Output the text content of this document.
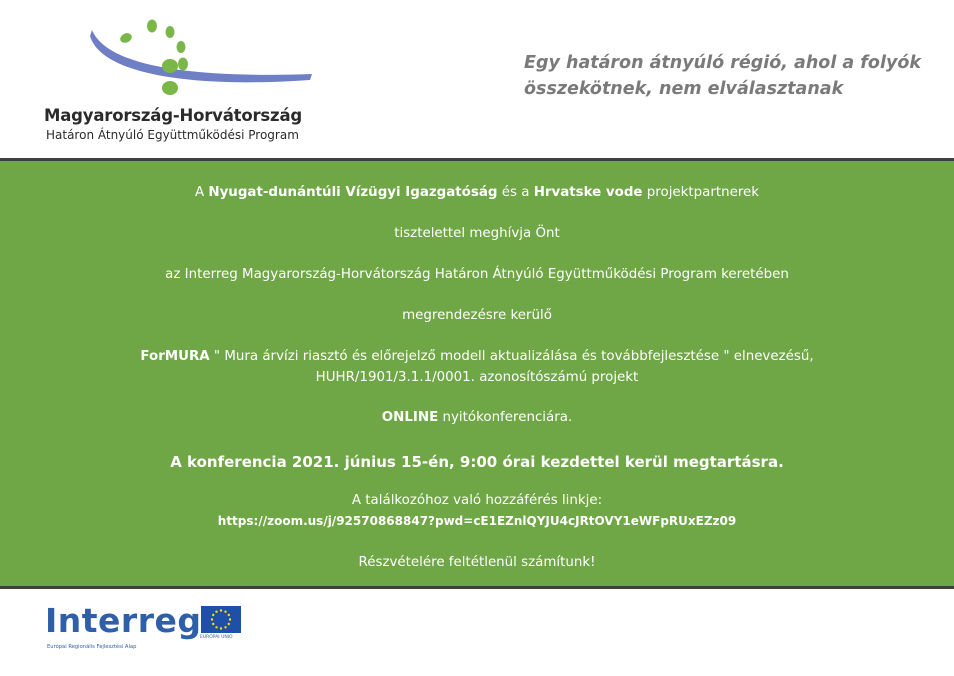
Magyarország-Horvátország
Határon Átnyúló Együttműködési Program
Egy határon átnyúló régió, ahol a folyók
összekötnek, nem elválasztanak
A Nyugat-dunántúli Vízügyi Igazgatóság és a Hrvatske vode projektpartnerek
tisztelettel meghívja Önt
az Interreg Magyarország-Horvátország Határon Átnyúló Együttműködési Program keretében
megrendezésre kerülő
ForMURA " Mura árvízi riasztó és előrejelző modell aktualizálása és továbbfejlesztése " elnevezésű,
HUHR/1901/3.1.1/0001. azonosítószámú projekt
ONLINE nyitókonferenciára.
A konferencia 2021. június 15-én, 9:00 órai kezdettel kerül megtartásra.
A találkozóhoz való hozzáférés linkje:
https://zoom.us/j/92570868847?pwd=cE1EZnlQYJU4cJRtOVY1eWFpRUxEZz09
Részvételére feltétlenül számítunk!
Interreg
Európai Regionális Fejlesztési Alap
EURÓPAI UNIÓ
